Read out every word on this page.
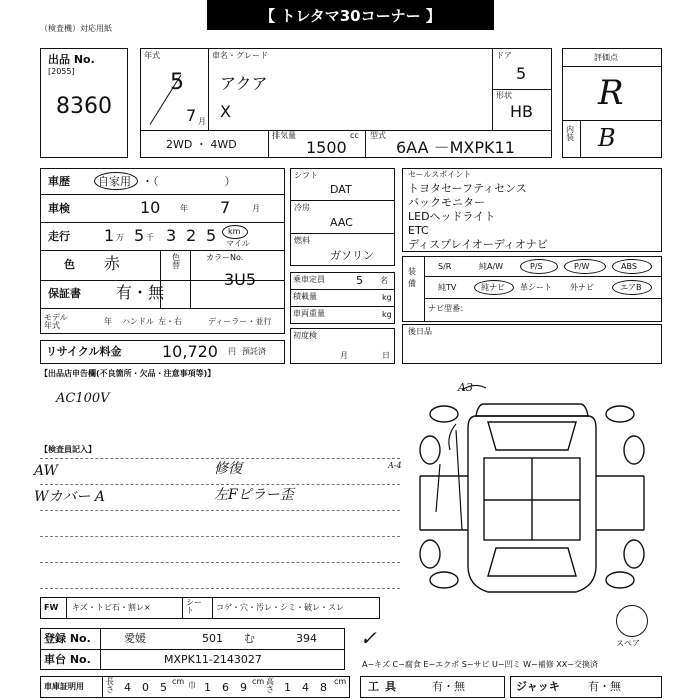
【 トレタマ30コーナー 】
（検査機）対応用紙
出品 No.
[2055]
8360
年式
5
7 月
車名・グレード
アクア
X
ドア
5
形状
HB
2WD ・ 4WD
排気量	cc
1500
型式
6AA －MXPK11
評価点
R
内装 B
車歴	自家用 ・（　　　　　　）
車検	10 年 7	月
走行 1 万 5 千 3 2 5 km
マイル
色 赤	色替
カラーNo.
3U5
保証書 有・無
モデル年式	年 ハンドル 左・右	ディーラー・並行
リサイクル料金	10,720 円 預託済
シフト
DAT
冷房
AAC
燃料
ガソリン
乗車定員	5 名
積載量	kg
車両重量	kg
初度検
月	日
セールスポイント
トヨタセーフティセンス
バックモニター
LEDヘッドライト
ETC
ディスプレイオーディオナビ
装備
S/R	純A/W	P/S	P/W	ABS
純TV	純ナビ 革シート 外ナビ	エアB
ナビ型番：
後日品
【出品店申告欄(不良箇所・欠品・注意事項等)】
AC100V
【検査員記入】
AW
Wカバー A
修復
左Fピラー歪
A3
A-4
スペア
FW キズ・トビ石・割レ×
シート	コゲ・穴・汚レ・シミ・破レ・スレ
登録 No.	愛媛	501 む	394
車台 No.	MXPK11-2143027
✓
A−キズ C−腐食 E−エクボ S−サビ U−凹ミ W−補修 XX−交換済
車庫証明用
長さ 4 0 5 cm 巾 1 6 9 cm 高さ 1 4 8 cm 工具	有・無	ジャッキ	有・無
